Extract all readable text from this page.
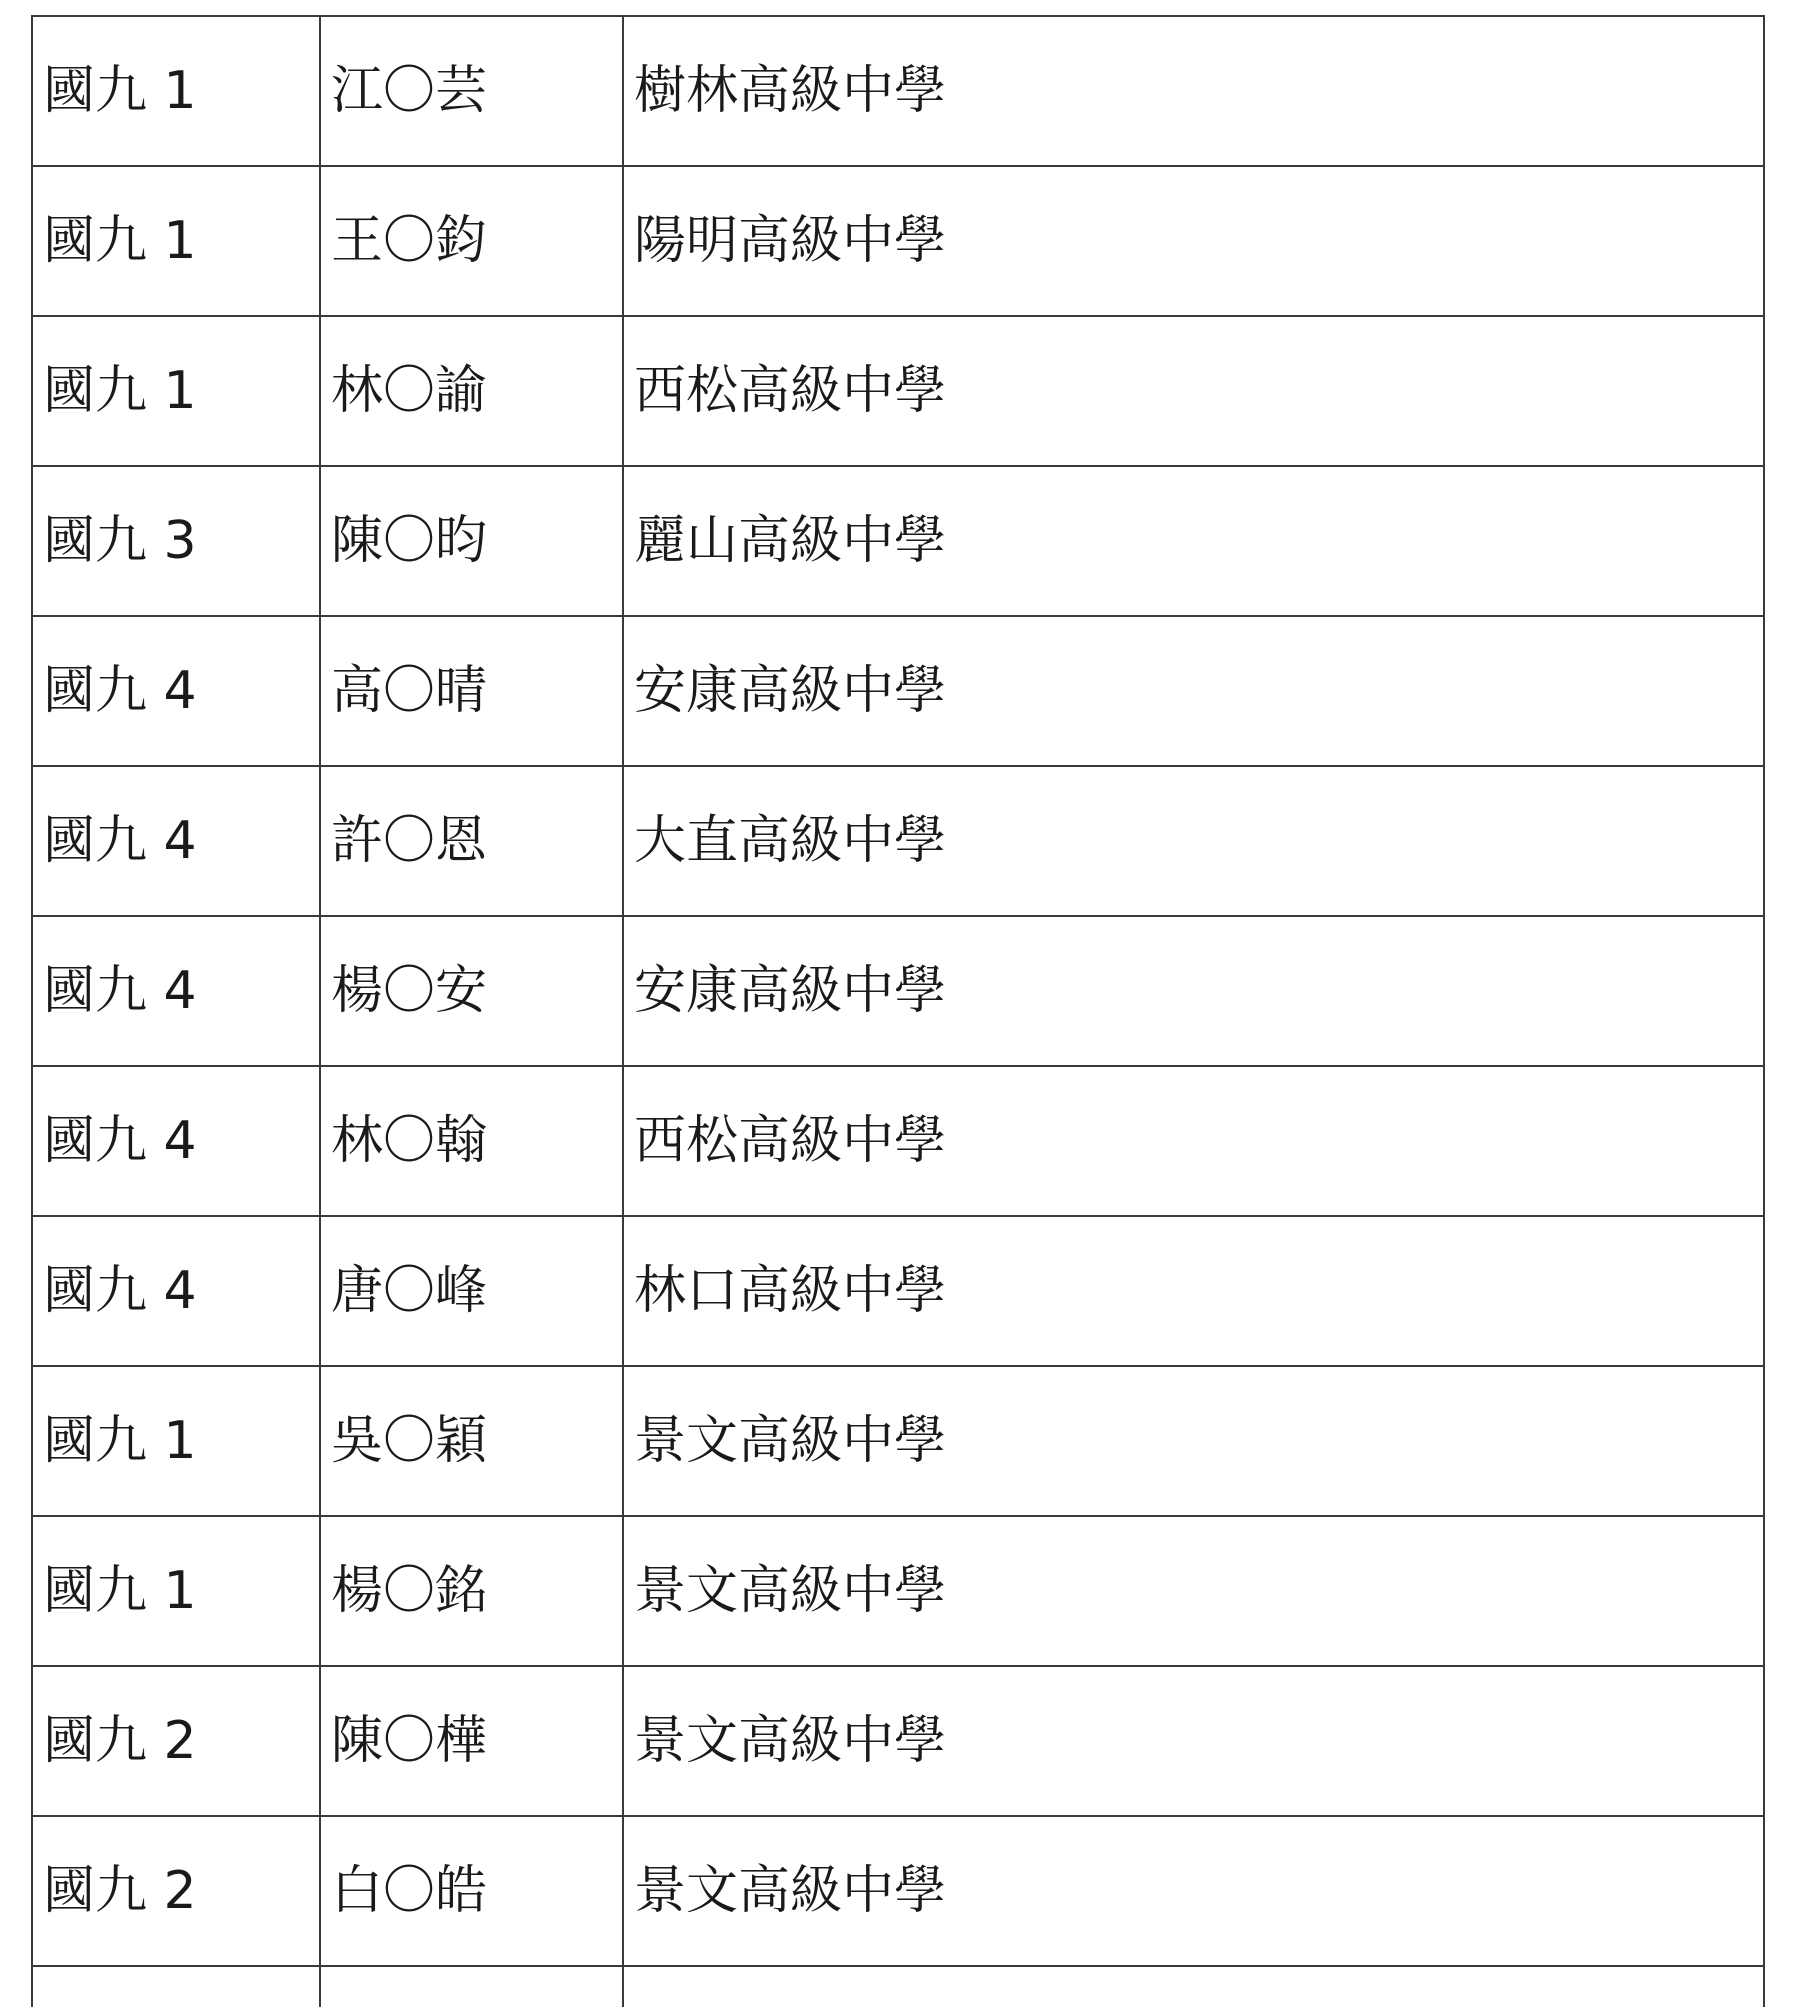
國九 1	江〇芸	樹林高級中學
國九 1	王〇鈞	陽明高級中學
國九 1	林〇諭	西松高級中學
國九 3	陳〇昀	麗山高級中學
國九 4	高〇晴	安康高級中學
國九 4	許〇恩	大直高級中學
國九 4	楊〇安	安康高級中學
國九 4	林〇翰	西松高級中學
國九 4	唐〇峰	林口高級中學
國九 1	吳〇穎	景文高級中學
國九 1	楊〇銘	景文高級中學
國九 2	陳〇樺	景文高級中學
國九 2	白〇皓	景文高級中學
